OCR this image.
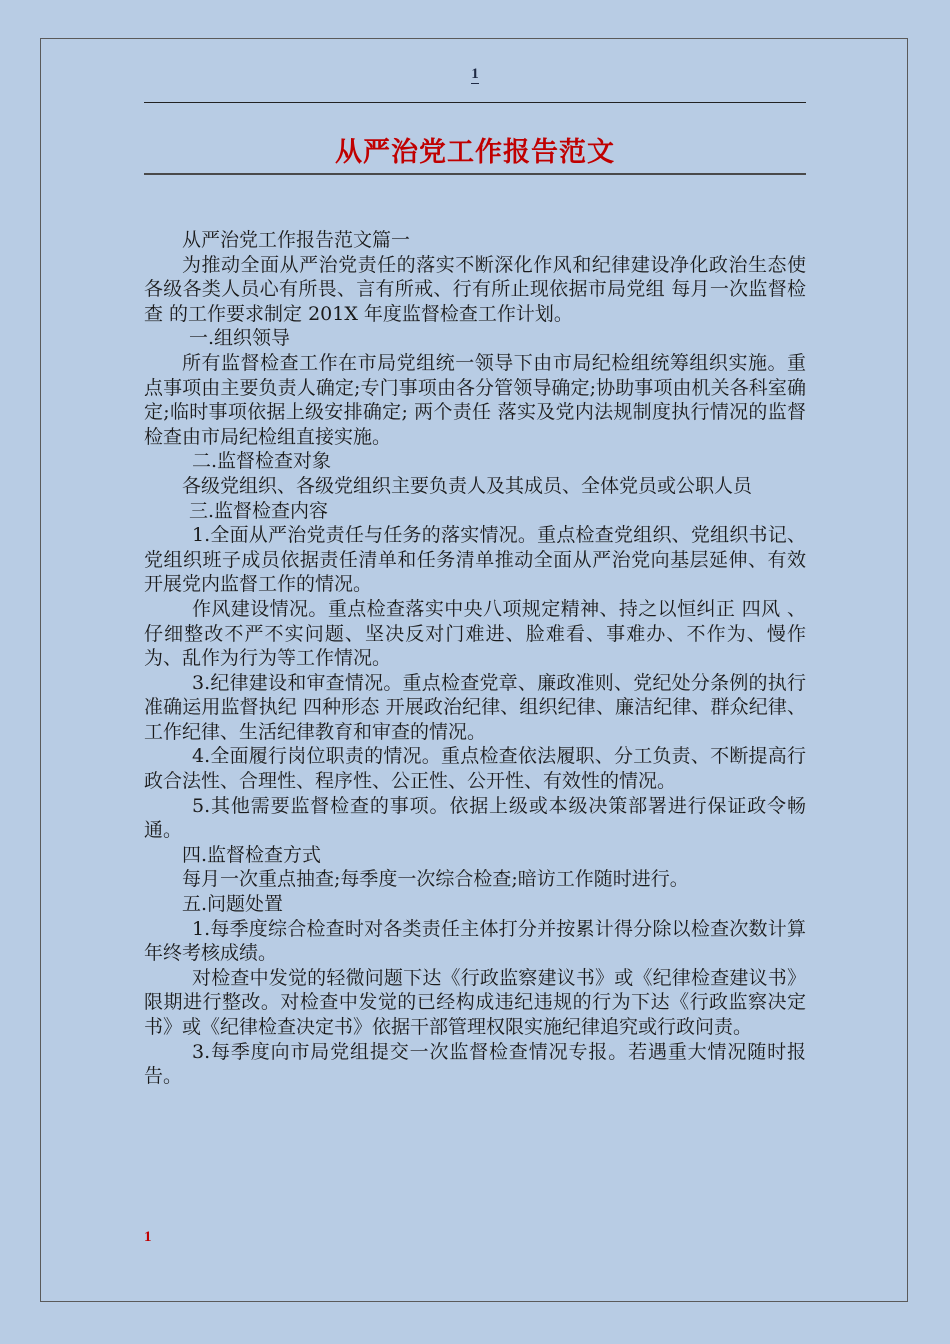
1
从严治党工作报告范文

从严治党工作报告范文篇一

为推动全面从严治党责任的落实不断深化作风和纪律建设净化政治生态使各级各类人员心有所畏、言有所戒、行有所止现依据市局党组 每月一次监督检查 的工作要求制定 201X 年度监督检查工作计划。

一.组织领导

所有监督检查工作在市局党组统一领导下由市局纪检组统筹组织实施。重点事项由主要负责人确定;专门事项由各分管领导确定;协助事项由机关各科室确定;临时事项依据上级安排确定; 两个责任 落实及党内法规制度执行情况的监督检查由市局纪检组直接实施。

二.监督检查对象

各级党组织、各级党组织主要负责人及其成员、全体党员或公职人员

三.监督检查内容

1.全面从严治党责任与任务的落实情况。重点检查党组织、党组织书记、党组织班子成员依据责任清单和任务清单推动全面从严治党向基层延伸、有效开展党内监督工作的情况。

作风建设情况。重点检查落实中央八项规定精神、持之以恒纠正 四风 、仔细整改不严不实问题、坚决反对门难进、脸难看、事难办、不作为、慢作为、乱作为行为等工作情况。

3.纪律建设和审查情况。重点检查党章、廉政准则、党纪处分条例的执行准确运用监督执纪 四种形态 开展政治纪律、组织纪律、廉洁纪律、群众纪律、工作纪律、生活纪律教育和审查的情况。

4.全面履行岗位职责的情况。重点检查依法履职、分工负责、不断提高行政合法性、合理性、程序性、公正性、公开性、有效性的情况。

5.其他需要监督检查的事项。依据上级或本级决策部署进行保证政令畅通。

四.监督检查方式

每月一次重点抽查;每季度一次综合检查;暗访工作随时进行。

五.问题处置

1.每季度综合检查时对各类责任主体打分并按累计得分除以检查次数计算年终考核成绩。

对检查中发觉的轻微问题下达《行政监察建议书》或《纪律检查建议书》限期进行整改。对检查中发觉的已经构成违纪违规的行为下达《行政监察决定书》或《纪律检查决定书》依据干部管理权限实施纪律追究或行政问责。

3.每季度向市局党组提交一次监督检查情况专报。若遇重大情况随时报告。

1
